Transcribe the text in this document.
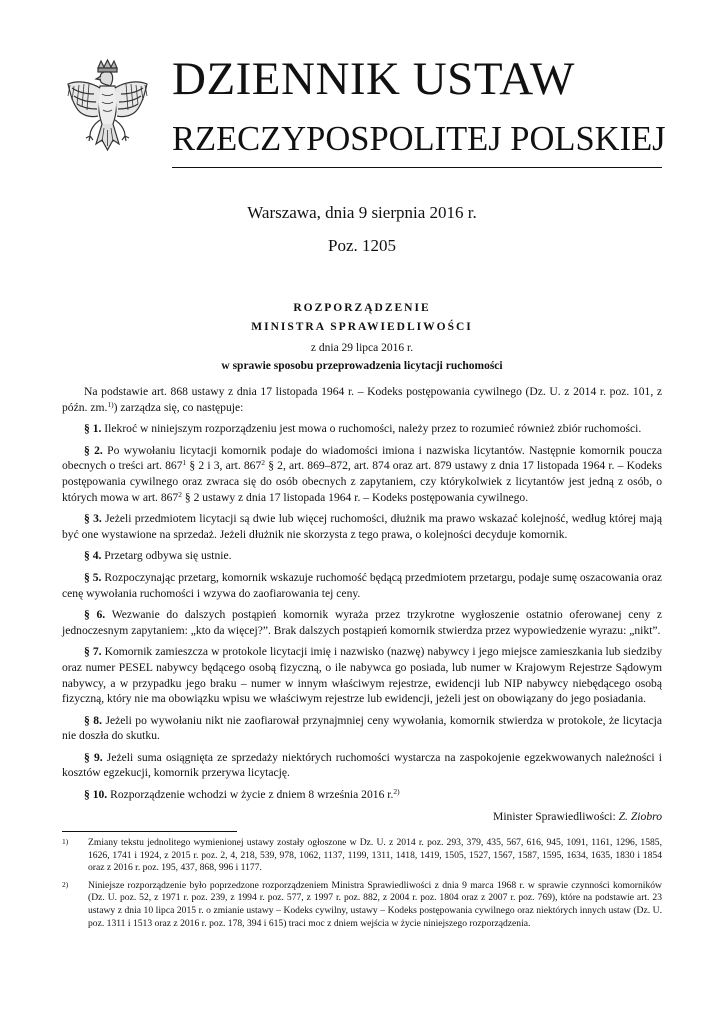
DZIENNIK USTAW
RZECZYPOSPOLITEJ POLSKIEJ
Warszawa, dnia 9 sierpnia 2016 r.
Poz. 1205
ROZPORZĄDZENIE
MINISTRA SPRAWIEDLIWOŚCI
z dnia 29 lipca 2016 r.
w sprawie sposobu przeprowadzenia licytacji ruchomości

Na podstawie art. 868 ustawy z dnia 17 listopada 1964 r. – Kodeks postępowania cywilnego (Dz. U. z 2014 r. poz. 101, z późn. zm.$^{1)}$) zarządza się, co następuje:

§ 1. Ilekroć w niniejszym rozporządzeniu jest mowa o ruchomości, należy przez to rozumieć również zbiór ruchomości.

§ 2. Po wywołaniu licytacji komornik podaje do wiadomości imiona i nazwiska licytantów. Następnie komornik poucza obecnych o treści art. $867^1$ § 2 i 3, art. $867^2$ § 2, art. 869–872, art. 874 oraz art. 879 ustawy z dnia 17 listopada 1964 r. – Kodeks postępowania cywilnego oraz zwraca się do osób obecnych z zapytaniem, czy którykolwiek z licytantów jest jedną z osób, o których mowa w art. $867^2$ § 2 ustawy z dnia 17 listopada 1964 r. – Kodeks postępowania cywilnego.

§ 3. Jeżeli przedmiotem licytacji są dwie lub więcej ruchomości, dłużnik ma prawo wskazać kolejność, według której mają być one wystawione na sprzedaż. Jeżeli dłużnik nie skorzysta z tego prawa, o kolejności decyduje komornik.

§ 4. Przetarg odbywa się ustnie.

§ 5. Rozpoczynając przetarg, komornik wskazuje ruchomość będącą przedmiotem przetargu, podaje sumę oszacowania oraz cenę wywołania ruchomości i wzywa do zaofiarowania tej ceny.

§ 6. Wezwanie do dalszych postąpień komornik wyraża przez trzykrotne wygłoszenie ostatnio oferowanej ceny z jednoczesnym zapytaniem: „kto da więcej?”. Brak dalszych postąpień komornik stwierdza przez wypowiedzenie wyrazu: „nikt”.

§ 7. Komornik zamieszcza w protokole licytacji imię i nazwisko (nazwę) nabywcy i jego miejsce zamieszkania lub siedziby oraz numer PESEL nabywcy będącego osobą fizyczną, o ile nabywca go posiada, lub numer w Krajowym Rejestrze Sądowym nabywcy, a w przypadku jego braku – numer w innym właściwym rejestrze, ewidencji lub NIP nabywcy niebędącego osobą fizyczną, który nie ma obowiązku wpisu we właściwym rejestrze lub ewidencji, jeżeli jest on obowiązany do jego posiadania.

§ 8. Jeżeli po wywołaniu nikt nie zaofiarował przynajmniej ceny wywołania, komornik stwierdza w protokole, że licytacja nie doszła do skutku.

§ 9. Jeżeli suma osiągnięta ze sprzedaży niektórych ruchomości wystarcza na zaspokojenie egzekwowanych należności i kosztów egzekucji, komornik przerywa licytację.

§ 10. Rozporządzenie wchodzi w życie z dniem 8 września 2016 r.$^{2)}$

Minister Sprawiedliwości: Z. Ziobro
1)	Zmiany tekstu jednolitego wymienionej ustawy zostały ogłoszone w Dz. U. z 2014 r. poz. 293, 379, 435, 567, 616, 945, 1091, 1161, 1296, 1585, 1626, 1741 i 1924, z 2015 r. poz. 2, 4, 218, 539, 978, 1062, 1137, 1199, 1311, 1418, 1419, 1505, 1527, 1567, 1587, 1595, 1634, 1635, 1830 i 1854 oraz z 2016 r. poz. 195, 437, 868, 996 i 1177.
2)	Niniejsze rozporządzenie było poprzedzone rozporządzeniem Ministra Sprawiedliwości z dnia 9 marca 1968 r. w sprawie czynności komorników (Dz. U. poz. 52, z 1971 r. poz. 239, z 1994 r. poz. 577, z 1997 r. poz. 882, z 2004 r. poz. 1804 oraz z 2007 r. poz. 769), które na podstawie art. 23 ustawy z dnia 10 lipca 2015 r. o zmianie ustawy – Kodeks cywilny, ustawy – Kodeks postępowania cywilnego oraz niektórych innych ustaw (Dz. U. poz. 1311 i 1513 oraz z 2016 r. poz. 178, 394 i 615) traci moc z dniem wejścia w życie niniejszego rozporządzenia.
